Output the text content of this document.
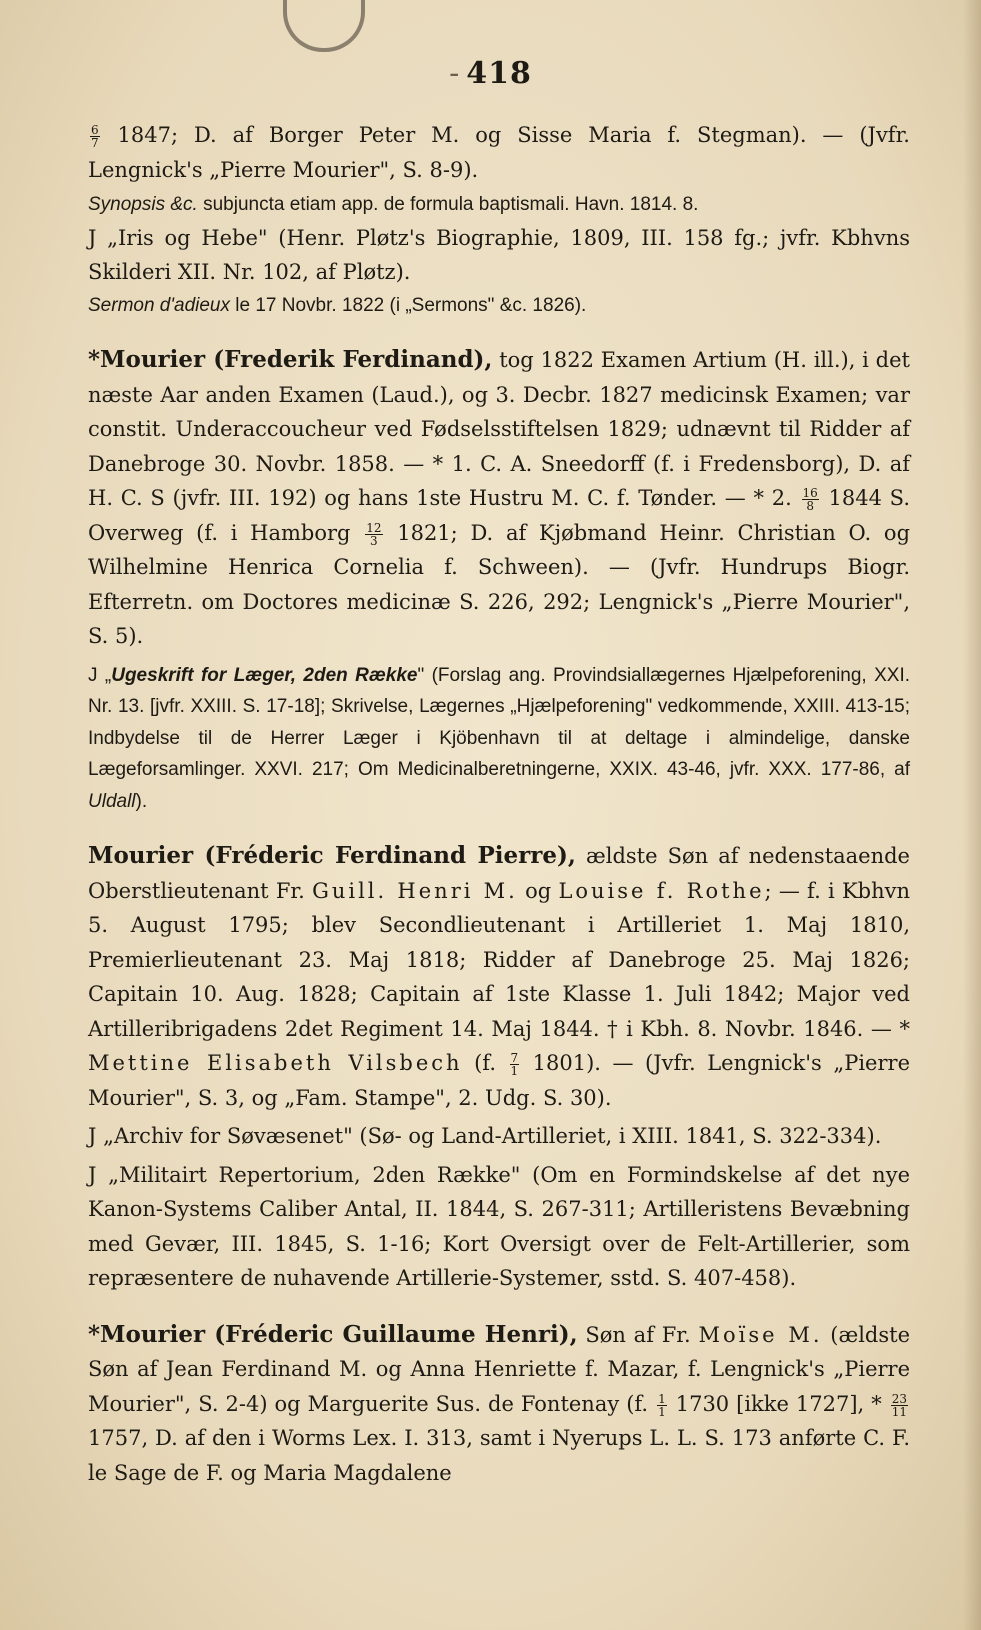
- 418

$\frac{6}{7} 1847$; D. af Borger Peter M. og Sisse Maria f. Stegman). — (Jvfr. Lengnick's „Pierre Mourier", S. 8-9).

Synopsis &c. subjuncta etiam app. de formula baptismali. Havn. 1814. 8.

J „Iris og Hebe" (Henr. Pløtz's Biographie, 1809, III. 158 fg.; jvfr. Kbhvns Skilderi XII. Nr. 102, af Pløtz).

Sermon d'adieux le 17 Novbr. 1822 (i „Sermons" &c. 1826).

*Mourier (Frederik Ferdinand), tog 1822 Examen Artium (H. ill.), i det næste Aar anden Examen (Laud.), og 3. Decbr. 1827 medicinsk Examen; var constit. Underaccoucheur ved Fødselsstiftelsen 1829; udnævnt til Ridder af Danebroge 30. Novbr. 1858. — * 1. C. A. Sneedorff (f. i Fredensborg), D. af H. C. S (jvfr. III. 192) og hans 1ste Hustru M. C. f. Tønder. — * 2. $\frac{16}{8} 1844$ S. Overweg (f. i Hamborg $\frac{12}{3} 1821$; D. af Kjøbmand Heinr. Christian O. og Wilhelmine Henrica Cornelia f. Schween). — (Jvfr. Hundrups Biogr. Efterretn. om Doctores medicinæ S. 226, 292; Lengnick's „Pierre Mourier", S. 5).

J „Ugeskrift for Læger, 2den Række" (Forslag ang. Provindsiallægernes Hjælpeforening, XXI. Nr. 13. [jvfr. XXIII. S. 17-18]; Skrivelse, Lægernes „Hjælpeforening" vedkommende, XXIII. 413-15; Indbydelse til de Herrer Læger i Kjöbenhavn til at deltage i almindelige, danske Lægeforsamlinger. XXVI. 217; Om Medicinalberetningerne, XXIX. 43-46, jvfr. XXX. 177-86, af Uldall).

Mourier (Fréderic Ferdinand Pierre), ældste Søn af nedenstaaende Oberstlieutenant Fr. Guill. Henri M. og Louise f. Rothe; — f. i Kbhvn 5. August 1795; blev Secondlieutenant i Artilleriet 1. Maj 1810, Premierlieutenant 23. Maj 1818; Ridder af Danebroge 25. Maj 1826; Capitain 10. Aug. 1828; Capitain af 1ste Klasse 1. Juli 1842; Major ved Artilleribrigadens 2det Regiment 14. Maj 1844. † i Kbh. 8. Novbr. 1846. — * Mettine Elisabeth Vilsbech (f. $\frac{7}{1} 1801$). — (Jvfr. Lengnick's „Pierre Mourier", S. 3, og „Fam. Stampe", 2. Udg. S. 30).

J „Archiv for Søvæsenet" (Sø- og Land-Artilleriet, i XIII. 1841, S. 322-334).

J „Militairt Repertorium, 2den Række" (Om en Formindskelse af det nye Kanon-Systems Caliber Antal, II. 1844, S. 267-311; Artilleristens Bevæbning med Gevær, III. 1845, S. 1-16; Kort Oversigt over de Felt-Artillerier, som repræsentere de nuhavende Artillerie-Systemer, sstd. S. 407-458).

*Mourier (Fréderic Guillaume Henri), Søn af Fr. Moïse M. (ældste Søn af Jean Ferdinand M. og Anna Henriette f. Mazar, f. Lengnick's „Pierre Mourier", S. 2-4) og Marguerite Sus. de Fontenay (f. $\frac{1}{1} 1730$ [ikke 1727], * $\frac{23}{11}$
1757, D. af den i Worms Lex. I. 313, samt i Nyerups L. L. S. 173 anførte C. F. le Sage de F. og Maria Magdalene
